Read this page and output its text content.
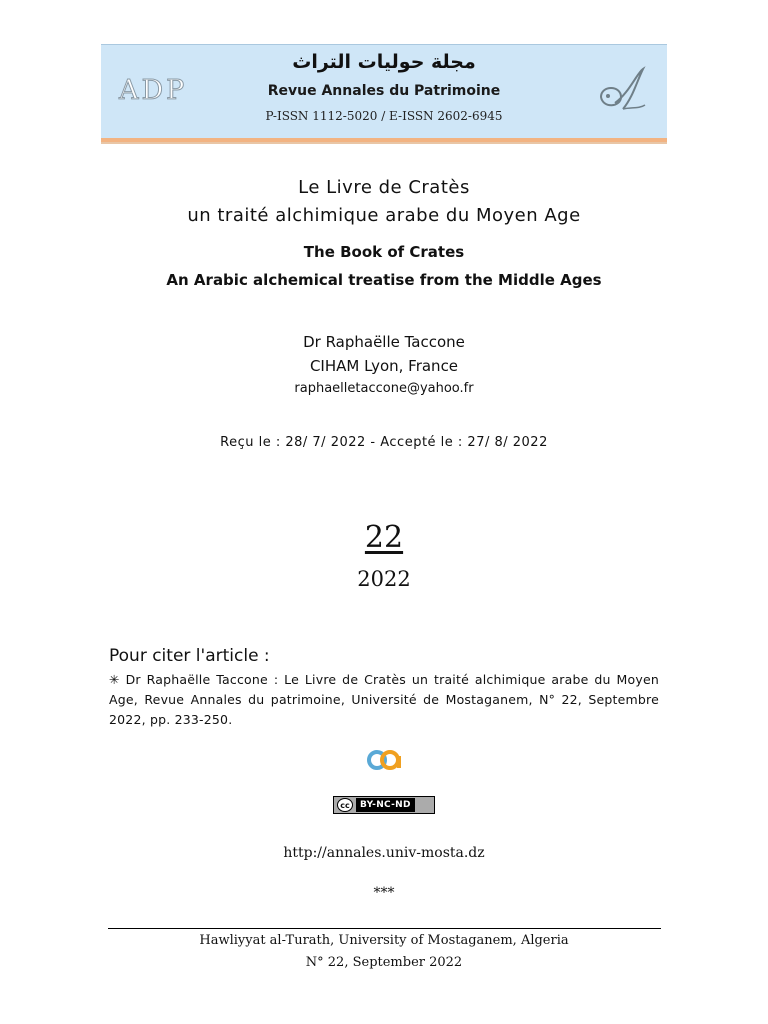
ADP
مجلة حوليات التراث
Revue Annales du Patrimoine
P-ISSN 1112-5020 / E-ISSN 2602-6945
Le Livre de Cratès
un traité alchimique arabe du Moyen Age
The Book of Crates
An Arabic alchemical treatise from the Middle Ages
Dr Raphaëlle Taccone
CIHAM Lyon, France
raphaelletaccone@yahoo.fr
Reçu le : 28/ 7/ 2022 - Accepté le : 27/ 8/ 2022
22
2022
Pour citer l'article :
✳ Dr Raphaëlle Taccone : Le Livre de Cratès un traité alchimique arabe du Moyen Age, Revue Annales du patrimoine, Université de Mostaganem, N° 22, Septembre 2022, pp. 233-250.
cc	BY-NC-ND
http://annales.univ-mosta.dz
***
Hawliyyat al-Turath, University of Mostaganem, Algeria
N° 22, September 2022
